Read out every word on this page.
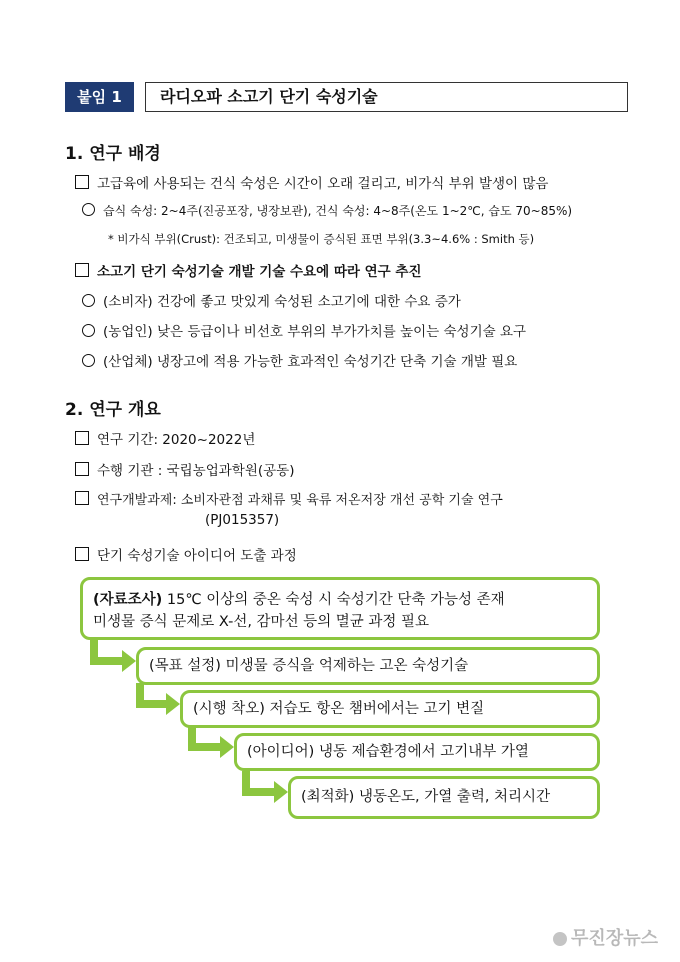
붙임 1	라디오파 소고기 단기 숙성기술
1. 연구 배경
고급육에 사용되는 건식 숙성은 시간이 오래 걸리고, 비가식 부위 발생이 많음
습식 숙성: 2~4주(진공포장, 냉장보관), 건식 숙성: 4~8주(온도 1~2℃, 습도 70~85%)
* 비가식 부위(Crust): 건조되고, 미생물이 증식된 표면 부위(3.3~4.6% : Smith 등)
소고기 단기 숙성기술 개발 기술 수요에 따라 연구 추진
(소비자) 건강에 좋고 맛있게 숙성된 소고기에 대한 수요 증가
(농업인) 낮은 등급이나 비선호 부위의 부가가치를 높이는 숙성기술 요구
(산업체) 냉장고에 적용 가능한 효과적인 숙성기간 단축 기술 개발 필요
2. 연구 개요
연구 기간: 2020~2022년
수행 기관 : 국립농업과학원(공동)
연구개발과제: 소비자관점 과채류 및 육류 저온저장 개선 공학 기술 연구
(PJ015357)
단기 숙성기술 아이디어 도출 과정
(자료조사) 15℃ 이상의 중온 숙성 시 숙성기간 단축 가능성 존재
미생물 증식 문제로 X-선, 감마선 등의 멸균 과정 필요
(목표 설정) 미생물 증식을 억제하는 고온 숙성기술
(시행 착오) 저습도 항온 챔버에서는 고기 변질
(아이디어) 냉동 제습환경에서 고기내부 가열
(최적화) 냉동온도, 가열 출력, 처리시간
무진장뉴스
